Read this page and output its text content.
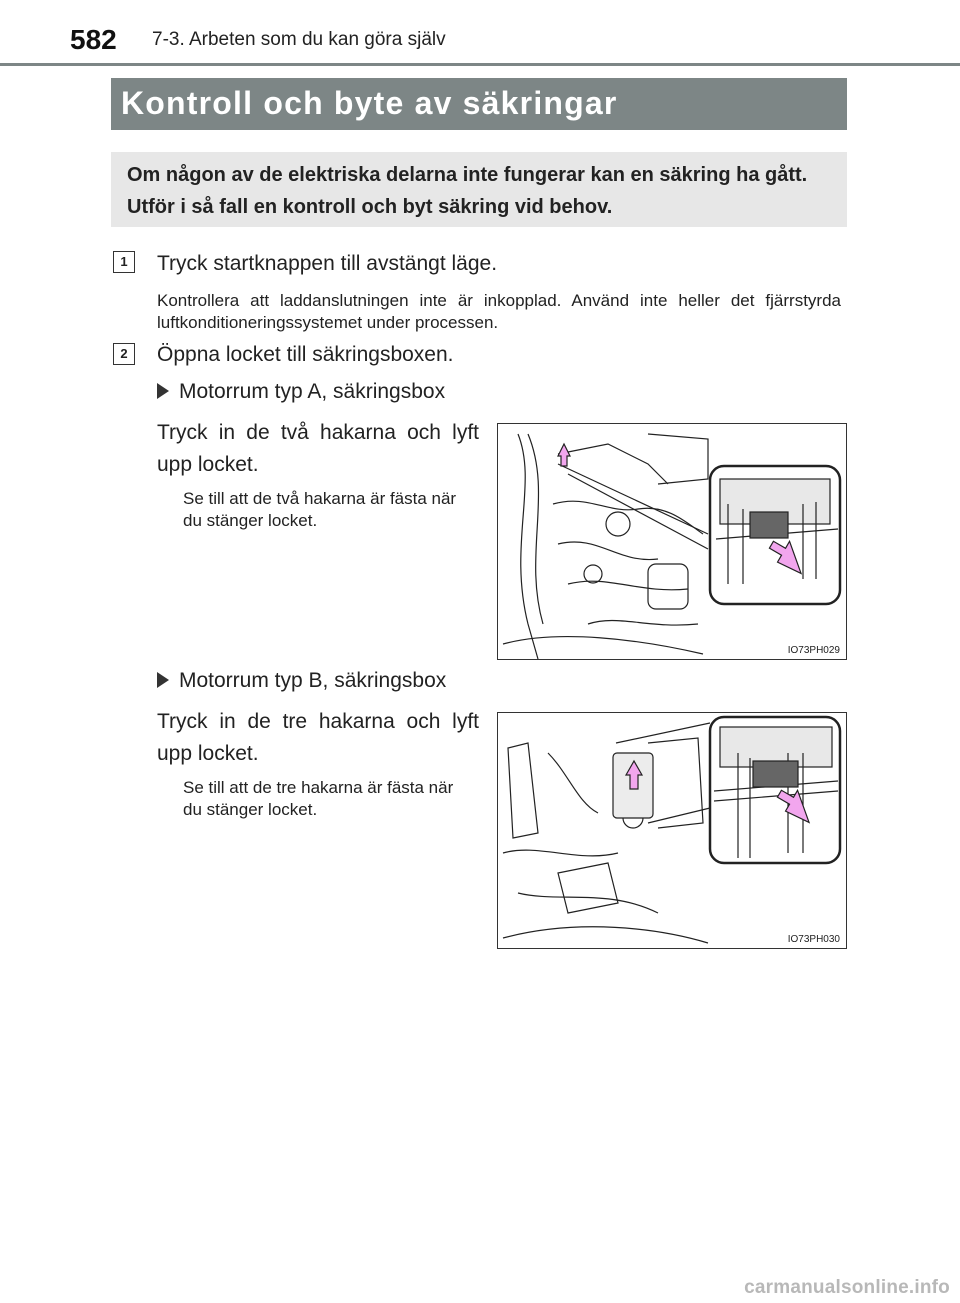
582 7-3. Arbeten som du kan göra själv
Kontroll och byte av säkringar

Om någon av de elektriska delarna inte fungerar kan en säkring ha gått. Utför i så fall en kontroll och byt säkring vid behov.

1	Tryck startknappen till avstängt läge.
Kontrollera att laddanslutningen inte är inkopplad. Använd inte heller det fjärrstyrda luftkonditioneringssystemet under processen.
2	Öppna locket till säkringsboxen.
Motorrum typ A, säkringsbox
Tryck in de två hakarna och lyft upp locket.
Se till att de två hakarna är fästa när du stänger locket.
IO73PH029
Motorrum typ B, säkringsbox
Tryck in de tre hakarna och lyft upp locket.
Se till att de tre hakarna är fästa när du stänger locket.
IO73PH030
carmanualsonline.info
